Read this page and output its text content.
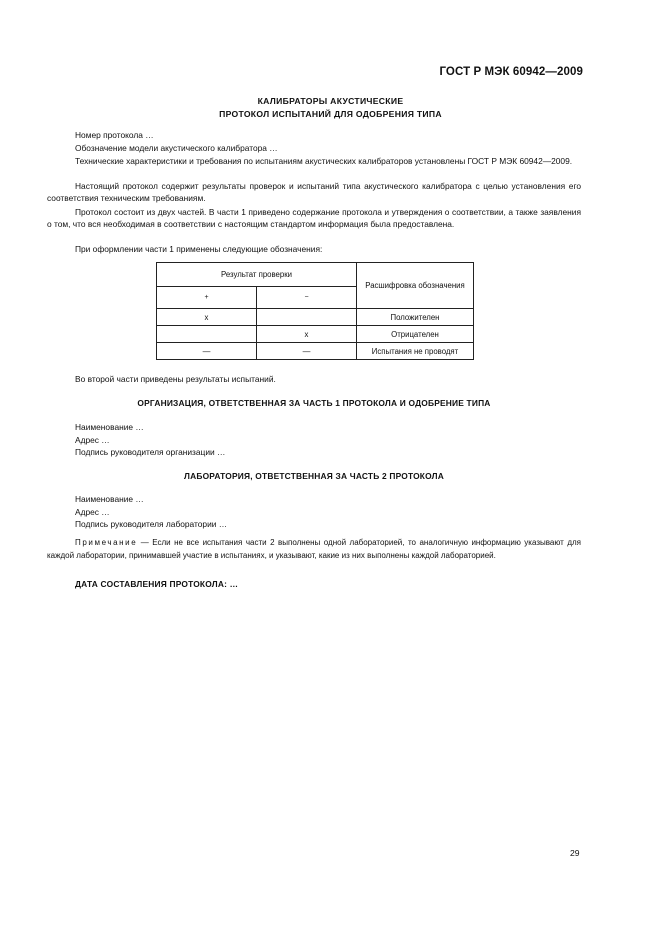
ГОСТ Р МЭК 60942—2009
КАЛИБРАТОРЫ АКУСТИЧЕСКИЕ
ПРОТОКОЛ ИСПЫТАНИЙ ДЛЯ ОДОБРЕНИЯ ТИПА
Номер протокола …
Обозначение модели акустического калибратора …
Технические характеристики и требования по испытаниям акустических калибраторов установлены ГОСТ Р МЭК 60942—2009.
Настоящий протокол содержит результаты проверок и испытаний типа акустического калибратора с целью установления его соответствия техническим требованиям.
Протокол состоит из двух частей. В части 1 приведено содержание протокола и утверждения о соответствии, а также заявления о том, что вся необходимая в соответствии с настоящим стандартом информация была предоставлена.
При оформлении части 1 применены следующие обозначения:
Результат проверки		Расшифровка обозначения
+	−	
x		Положителен
	x	Отрицателен
—	—	Испытания не проводят
Во второй части приведены результаты испытаний.
ОРГАНИЗАЦИЯ, ОТВЕТСТВЕННАЯ ЗА ЧАСТЬ 1 ПРОТОКОЛА И ОДОБРЕНИЕ ТИПА
Наименование …
Адрес …
Подпись руководителя организации …
ЛАБОРАТОРИЯ, ОТВЕТСТВЕННАЯ ЗА ЧАСТЬ 2 ПРОТОКОЛА
Наименование …
Адрес …
Подпись руководителя лаборатории …
Примечание — Если не все испытания части 2 выполнены одной лабораторией, то аналогичную информацию указывают для каждой лаборатории, принимавшей участие в испытаниях, и указывают, какие из них выполнены каждой лабораторией.
ДАТА СОСТАВЛЕНИЯ ПРОТОКОЛА: …
29
